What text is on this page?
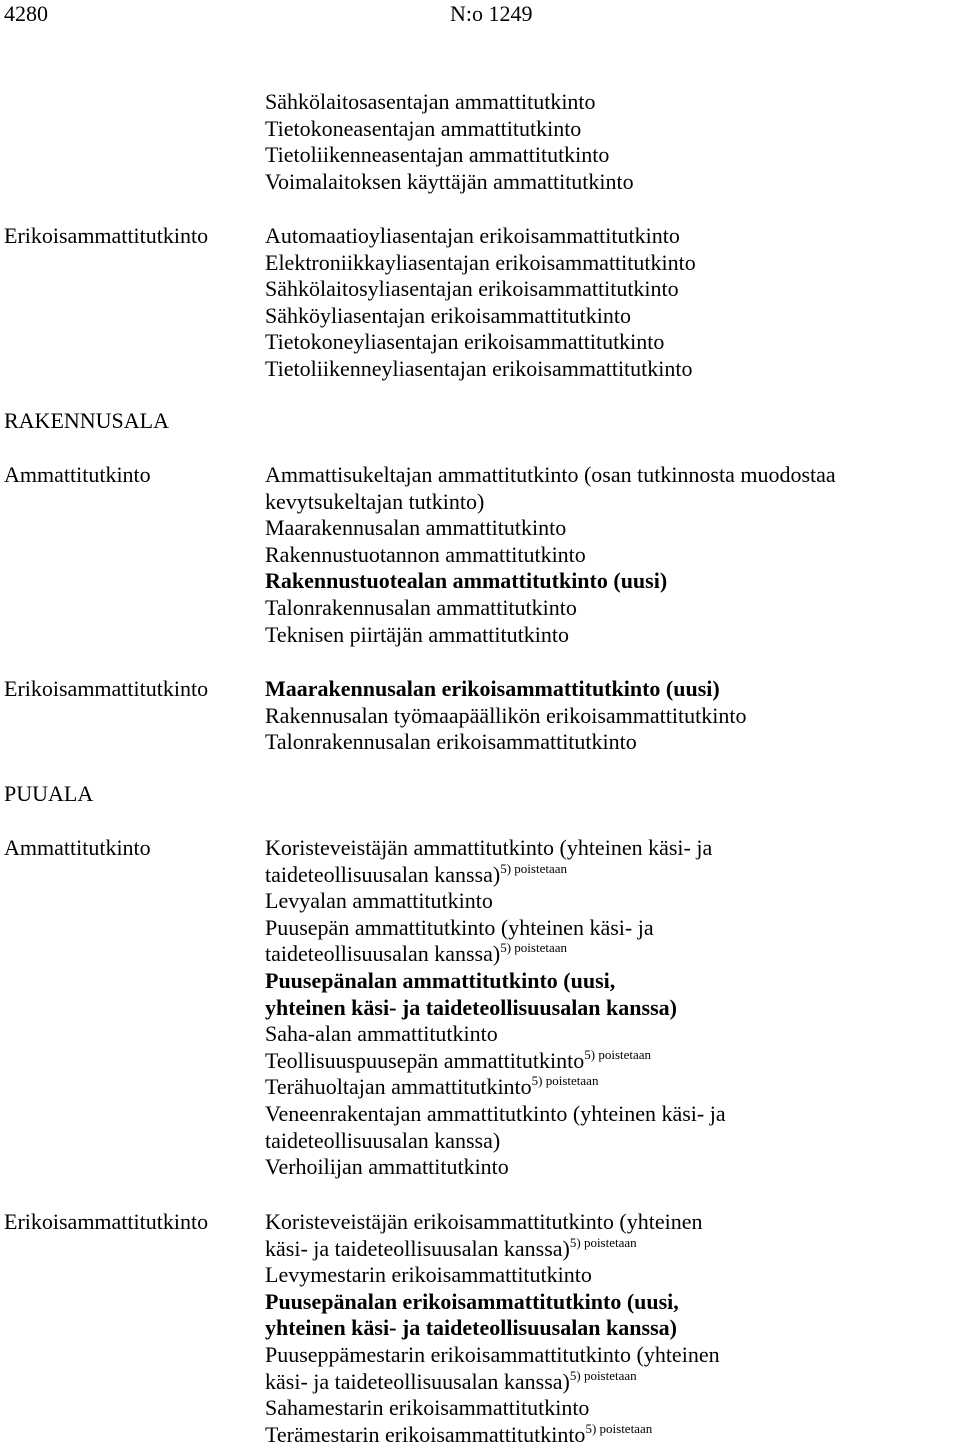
4280	N:o 1249
Sähkölaitosasentajan ammattitutkinto
Tietokoneasentajan ammattitutkinto
Tietoliikenneasentajan ammattitutkinto
Voimalaitoksen käyttäjän ammattitutkinto
Erikoisammattitutkinto	Automaatioyliasentajan erikoisammattitutkinto
Elektroniikkayliasentajan erikoisammattitutkinto
Sähkölaitosyliasentajan erikoisammattitutkinto
Sähköyliasentajan erikoisammattitutkinto
Tietokoneyliasentajan erikoisammattitutkinto
Tietoliikenneyliasentajan erikoisammattitutkinto
RAKENNUSALA
Ammattitutkinto	Ammattisukeltajan ammattitutkinto (osan tutkinnosta muodostaa
kevytsukeltajan tutkinto)
Maarakennusalan ammattitutkinto
Rakennustuotannon ammattitutkinto
Rakennustuotealan ammattitutkinto (uusi)
Talonrakennusalan ammattitutkinto
Teknisen piirtäjän ammattitutkinto
Erikoisammattitutkinto	Maarakennusalan erikoisammattitutkinto (uusi)
Rakennusalan työmaapäällikön erikoisammattitutkinto
Talonrakennusalan erikoisammattitutkinto
PUUALA
Ammattitutkinto	Koristeveistäjän ammattitutkinto (yhteinen käsi- ja
taideteollisuusalan kanssa)$^{5) poistetaan}$
Levyalan ammattitutkinto
Puusepän ammattitutkinto (yhteinen käsi- ja
taideteollisuusalan kanssa)$^{5) poistetaan}$
Puusepänalan ammattitutkinto (uusi,
yhteinen käsi- ja taideteollisuusalan kanssa)
Saha-alan ammattitutkinto
Teollisuuspuusepän ammattitutkinto$^{5) poistetaan}$
Terähuoltajan ammattitutkinto$^{5) poistetaan}$
Veneenrakentajan ammattitutkinto (yhteinen käsi- ja
taideteollisuusalan kanssa)
Verhoilijan ammattitutkinto
Erikoisammattitutkinto	Koristeveistäjän erikoisammattitutkinto (yhteinen
käsi- ja taideteollisuusalan kanssa)$^{5) poistetaan}$
Levymestarin erikoisammattitutkinto
Puusepänalan erikoisammattitutkinto (uusi,
yhteinen käsi- ja taideteollisuusalan kanssa)
Puuseppämestarin erikoisammattitutkinto (yhteinen
käsi- ja taideteollisuusalan kanssa)$^{5) poistetaan}$
Sahamestarin erikoisammattitutkinto
Terämestarin erikoisammattitutkinto$^{5) poistetaan}$
